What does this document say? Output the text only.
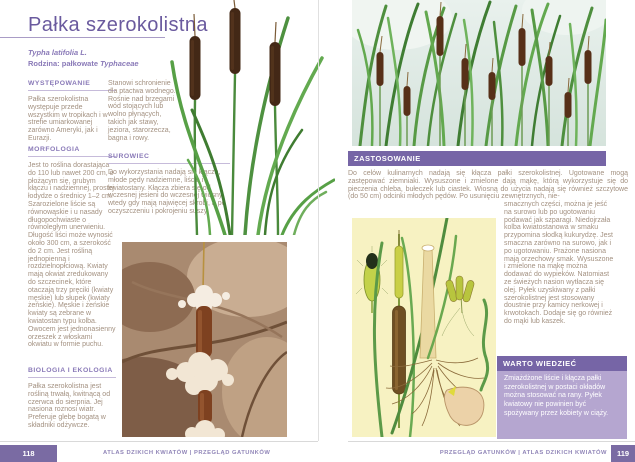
Pałka szerokolistna
Typha latifolia L.
Rodzina: pałkowate Typhaceae
WYSTĘPOWANIE

Pałka szerokolistna występuje przede wszystkim w tropikach i w strefie umiarkowanej zarówno Ameryki, jak i Eurazji.

MORFOLOGIA

Jest to roślina dorastająca do 110 lub nawet 200 cm, o płożącym się, grubym kłączu i nadziemnej, prostej łodydze o średnicy 1–2 cm. Szarozielone liście są równowąskie i u nasady długopochwiaste o równoległym unerwieniu. Długość liści może wynosić około 300 cm, a szerokość do 2 cm. Jest rośliną jednopienną i rozdzielnopłciową. Kwiaty mają okwiat zredukowany do szczecinek, które otaczają trzy pręciki (kwiaty męskie) lub słupek (kwiaty żeńskie). Męskie i żeńskie kwiaty są zebrane w kwiatostan typu kolba. Owocem jest jednonasienny orzeszek z włoskami okwiatu w formie puchu.

BIOLOGIA I EKOLOGIA

Pałka szerokolistna jest rośliną trwałą, kwitnącą od czerwca do sierpnia. Jej nasiona roznosi wiatr. Preferuje glebę bogatą w składniki odżywcze.

Stanowi schronienie dla ptactwa wodnego. Rośnie nad brzegami wód stojących lub wolno płynących, takich jak stawy, jeziora, starorzecza, bagna i rowy.

SUROWIEC

Do wykorzystania nadają się kłącza, młode pędy nadziemne, liście i kwiatostany. Kłącza zbiera się od wczesnej jesieni do wczesnej wiosny, wtedy gdy mają najwięcej skrobi, a po oczyszczeniu i pokrojeniu suszy.

ZASTOSOWANIE

Do celów kulinarnych nadają się kłącza pałki szerokolistnej. Ugotowane mogą zastępować ziemniaki. Wysuszone i zmielone dają mąkę, którą wykorzystuje się do pieczenia chleba, bułeczek lub ciastek. Wiosną do użycia nadają się również szczytowe (do 50 cm) odcinki młodych pędów. Po usunięciu zewnętrznych, nie-

smacznych części, można je jeść na surowo lub po ugotowaniu podawać jak szparagi. Niedojrzała kolba kwiatostanowa w smaku przypomina słodką kukurydzę. Jest smaczna zarówno na surowo, jak i po ugotowaniu. Prażone nasiona mają orzechowy smak. Wysuszone i zmielone na mąkę można dodawać do wypieków. Natomiast ze świeżych nasion wytłacza się olej. Pyłek uzyskiwany z pałki szerokolistnej jest stosowany doustnie przy kamicy nerkowej i krwotokach. Dodaje się go również do mąki lub kaszek.

WARTO WIEDZIEĆ

Zmiażdżone liście i kłącza pałki szerokolistnej w postaci okładów można stosować na rany. Pyłek kwiatowy nie powinien być spożywany przez kobiety w ciąży.

118	ATLAS DZIKICH KWIATÓW | PRZEGLĄD GATUNKÓW	PRZEGLĄD GATUNKÓW | ATLAS DZIKICH KWIATÓW	119
